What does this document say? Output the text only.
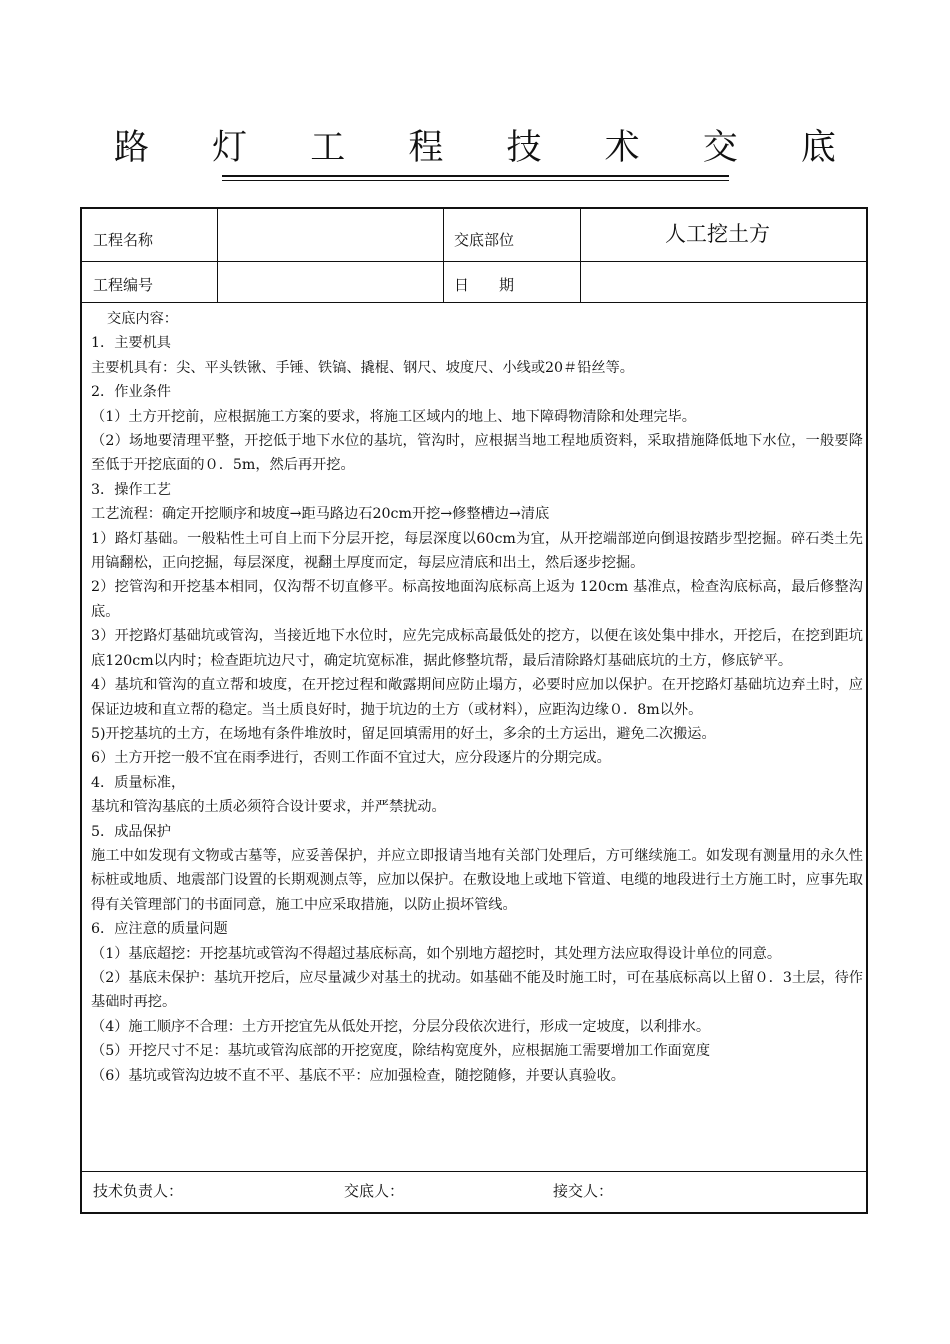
路 灯 工 程 技 术 交 底
工程名称	交底部位	人工挖土方
工程编号	日　　期

交底内容：

1．主要机具

主要机具有：尖、平头铁锹、手锤、铁镐、撬棍、钢尺、坡度尺、小线或20＃铅丝等。

2．作业条件

（1）土方开挖前，应根据施工方案的要求，将施工区域内的地上、地下障碍物清除和处理完毕。

（2）场地要清理平整，开挖低于地下水位的基坑，管沟时，应根据当地工程地质资料，采取措施降低地下水位，一般要降至低于开挖底面的０．5m，然后再开挖。

3．操作工艺

工艺流程：确定开挖顺序和坡度→距马路边石20cm开挖→修整槽边→清底

1）路灯基础。一般粘性土可自上而下分层开挖，每层深度以60cm为宜，从开挖端部逆向倒退按踏步型挖掘。碎石类土先用镐翻松，正向挖掘，每层深度，视翻土厚度而定，每层应清底和出土，然后逐步挖掘。

2）挖管沟和开挖基本相同，仅沟帮不切直修平。标高按地面沟底标高上返为 120cm 基准点，检查沟底标高，最后修整沟底。

3）开挖路灯基础坑或管沟，当接近地下水位时，应先完成标高最低处的挖方，以便在该处集中排水，开挖后，在挖到距坑底120cm以内时；检查距坑边尺寸，确定坑宽标准，据此修整坑帮，最后清除路灯基础底坑的土方，修底铲平。

4）基坑和管沟的直立帮和坡度，在开挖过程和敞露期间应防止塌方，必要时应加以保护。在开挖路灯基础坑边弃土时，应保证边坡和直立帮的稳定。当土质良好时，抛于坑边的土方（或材料），应距沟边缘０．8m以外。

5)开挖基坑的土方，在场地有条件堆放时，留足回填需用的好土，多余的土方运出，避免二次搬运。

6）土方开挖一般不宜在雨季进行，否则工作面不宜过大，应分段逐片的分期完成。

4．质量标准，

基坑和管沟基底的土质必须符合设计要求，并严禁扰动。

5．成品保护

施工中如发现有文物或古墓等，应妥善保护，并应立即报请当地有关部门处理后，方可继续施工。如发现有测量用的永久性标桩或地质、地震部门设置的长期观测点等，应加以保护。在敷设地上或地下管道、电缆的地段进行土方施工时，应事先取得有关管理部门的书面同意，施工中应采取措施，以防止损坏管线。

6．应注意的质量问题

（1）基底超挖：开挖基坑或管沟不得超过基底标高，如个别地方超挖时，其处理方法应取得设计单位的同意。

（2）基底未保护：基坑开挖后，应尽量减少对基土的扰动。如基础不能及时施工时，可在基底标高以上留０．3土层，待作基础时再挖。

（4）施工顺序不合理：土方开挖宜先从低处开挖，分层分段依次进行，形成一定坡度，以利排水。

（5）开挖尺寸不足：基坑或管沟底部的开挖宽度，除结构宽度外，应根据施工需要增加工作面宽度

（6）基坑或管沟边坡不直不平、基底不平：应加强检查，随挖随修，并要认真验收。

技术负责人：	交底人：	接交人：
